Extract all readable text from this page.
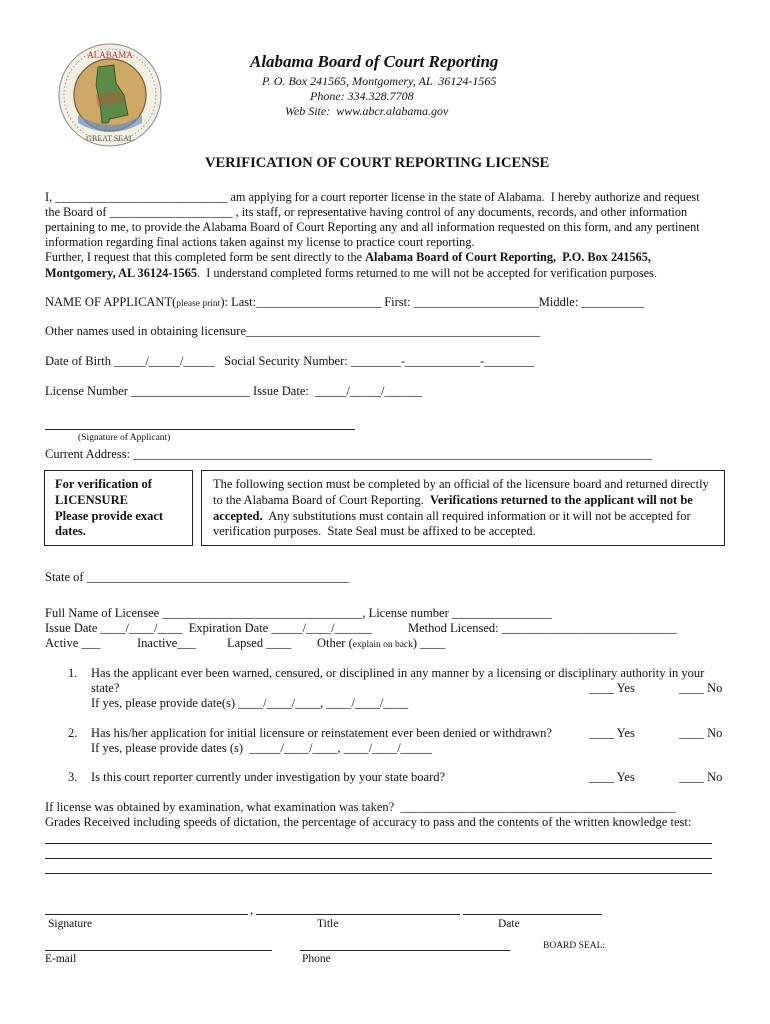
ALABAMA
GREAT SEAL
Alabama Board of Court Reporting
P. O. Box 241565, Montgomery, AL  36124-1565
Phone: 334.328.7708
Web Site:  www.abcr.alabama.gov
VERIFICATION OF COURT REPORTING LICENSE
I, ____________________________ am applying for a court reporter license in the state of Alabama.  I hereby authorize and request
the Board of ____________________ , its staff, or representative having control of any documents, records, and other information
pertaining to me, to provide the Alabama Board of Court Reporting any and all information requested on this form, and any pertinent
information regarding final actions taken against my license to practice court reporting.
Further, I request that this completed form be sent directly to the Alabama Board of Court Reporting,  P.O. Box 241565,
Montgomery, AL 36124-1565.  I understand completed forms returned to me will not be accepted for verification purposes.
NAME OF APPLICANT(please print): Last:____________________ First: ____________________Middle: __________
Other names used in obtaining licensure_______________________________________________
Date of Birth _____/_____/_____   Social Security Number: ________-____________-________
License Number ___________________ Issue Date:  _____/_____/______
(Signature of Applicant)
Current Address: ___________________________________________________________________________________
For verification of
LICENSURE
Please provide exact
dates.
The following section must be completed by an official of the licensure board and returned directly
to the Alabama Board of Court Reporting.  Verifications returned to the applicant will not be
accepted.  Any substitutions must contain all required information or it will not be accepted for
verification purposes.  State Seal must be affixed to be accepted.
State of __________________________________________
Full Name of Licensee ________________________________, License number ________________
Issue Date ____/____/____  Expiration Date _____/____/______	Method Licensed: ____________________________
Active ___	Inactive___ Lapsed ____ Other (explain on back) ____
1. Has the applicant ever been warned, censured, or disciplined in any manner by a licensing or disciplinary authority in your
state?
If yes, please provide date(s) ____/____/____, ____/____/____
____ Yes	____ No
2. Has his/her application for initial licensure or reinstatement ever been denied or withdrawn?
If yes, please provide dates (s)  _____/____/____, ____/____/_____
____ Yes	____ No
3. Is this court reporter currently under investigation by your state board?	____ Yes	____ No
If license was obtained by examination, what examination was taken?  ____________________________________________
Grades Received including speeds of dictation, the percentage of accuracy to pass and the contents of the written knowledge test:
,
Signature	Title	Date
E-mail	Phone
BOARD SEAL:
